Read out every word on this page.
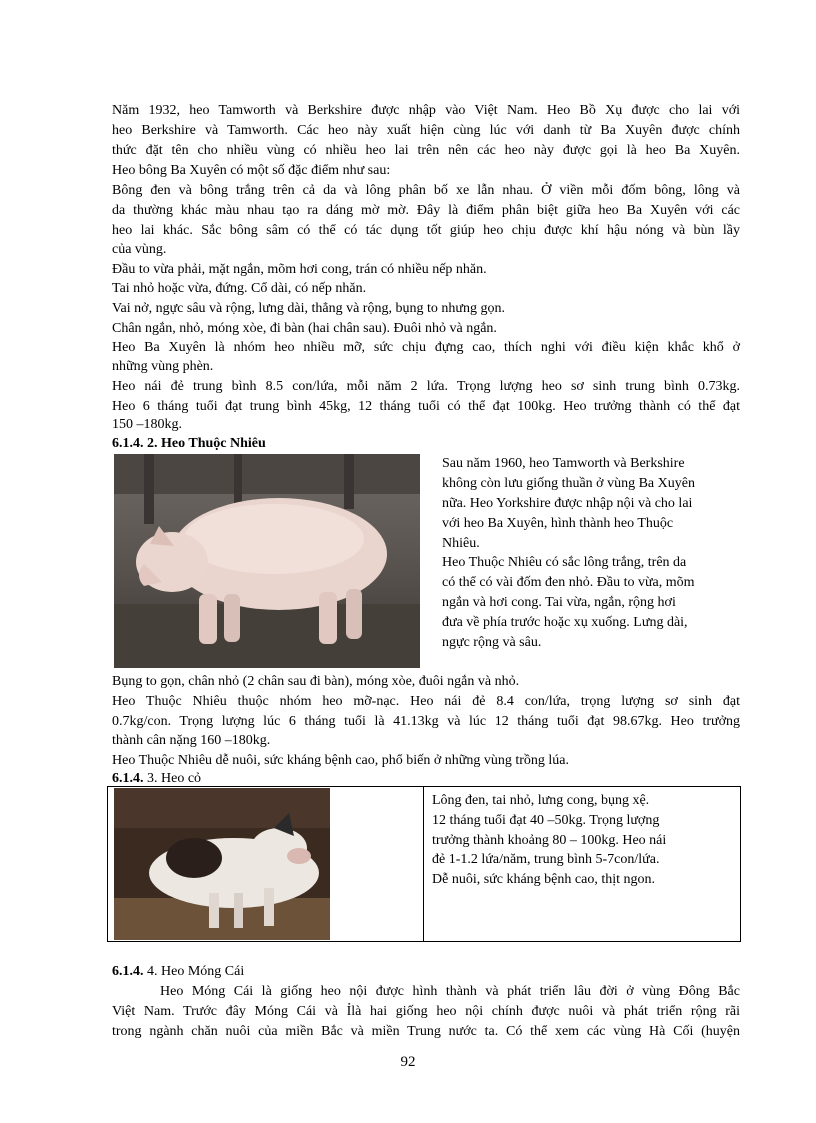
Năm 1932, heo Tamworth và Berkshire được nhập vào Việt Nam. Heo Bồ Xụ được cho lai với
heo Berkshire và Tamworth. Các heo này xuất hiện cùng lúc với danh từ Ba Xuyên được chính
thức đặt tên cho nhiều vùng có nhiều heo lai trên nên các heo này được gọi là heo Ba Xuyên.
Heo bông Ba Xuyên có một số đặc điểm như sau:
Bông đen và bông trắng trên cả da và lông phân bố xe lẫn nhau. Ở viền mỗi đốm bông, lông và
da thường khác màu nhau tạo ra dáng mờ mờ. Đây là điểm phân biệt giữa heo Ba Xuyên với các
heo lai khác. Sắc bông sâm có thể có tác dụng tốt giúp heo chịu được khí hậu nóng và bùn lầy
của vùng.
Đầu to vừa phải, mặt ngắn, mõm hơi cong, trán có nhiều nếp nhăn.
Tai nhỏ hoặc vừa, đứng. Cổ dài, có nếp nhăn.
Vai nở, ngực sâu và rộng, lưng dài, thẳng và rộng, bụng to nhưng gọn.
Chân ngắn, nhỏ, móng xòe, đi bàn (hai chân sau). Đuôi nhỏ và ngắn.
Heo Ba Xuyên là nhóm heo nhiều mỡ, sức chịu đựng cao, thích nghi với điều kiện khắc khổ ở
những vùng phèn.
Heo nái đẻ trung bình 8.5 con/lứa, mỗi năm 2 lứa. Trọng lượng heo sơ sinh trung bình 0.73kg.
Heo 6 tháng tuổi đạt trung bình 45kg, 12 tháng tuổi có thể đạt 100kg. Heo trưởng thành có thể đạt
150 –180kg.
6.1.4. 2. Heo Thuộc Nhiêu
Sau năm 1960, heo Tamworth và Berkshire
không còn lưu giống thuần ở vùng Ba Xuyên
nữa. Heo Yorkshire được nhập nội và cho lai
với heo Ba Xuyên, hình thành heo Thuộc
Nhiêu.
Heo Thuộc Nhiêu có sắc lông trắng, trên da
có thể có vài đốm đen nhỏ. Đầu to vừa, mõm
ngắn và hơi cong. Tai vừa, ngắn, rộng hơi
đưa về phía trước hoặc xụ xuống. Lưng dài,
ngực rộng và sâu.
Bụng to gọn, chân nhỏ (2 chân sau đi bàn), móng xòe, đuôi ngắn và nhỏ.
Heo Thuộc Nhiêu thuộc nhóm heo mỡ-nạc. Heo nái đẻ 8.4 con/lứa, trọng lượng sơ sinh đạt
0.7kg/con. Trọng lượng lúc 6 tháng tuổi là 41.13kg và lúc 12 tháng tuổi đạt 98.67kg. Heo trưởng
thành cân nặng 160 –180kg.
Heo Thuộc Nhiêu dễ nuôi, sức kháng bệnh cao, phổ biến ở những vùng trồng lúa.
6.1.4. 3. Heo cỏ

Lông đen, tai nhỏ, lưng cong, bụng xệ.
12 tháng tuổi đạt 40 –50kg. Trọng lượng
trưởng thành khoảng 80 – 100kg. Heo nái
đẻ 1-1.2 lứa/năm, trung bình 5-7con/lứa.
Dễ nuôi, sức kháng bệnh cao, thịt ngon.
6.1.4. 4. Heo Móng Cái
Heo Móng Cái là giống heo nội được hình thành và phát triển lâu đời ở vùng Đông Bắc
Việt Nam. Trước đây Móng Cái và Ỉlà hai giống heo nội chính được nuôi và phát triển rộng rãi
trong ngành chăn nuôi của miền Bắc và miền Trung nước ta. Có thể xem các vùng Hà Cối (huyện
92
